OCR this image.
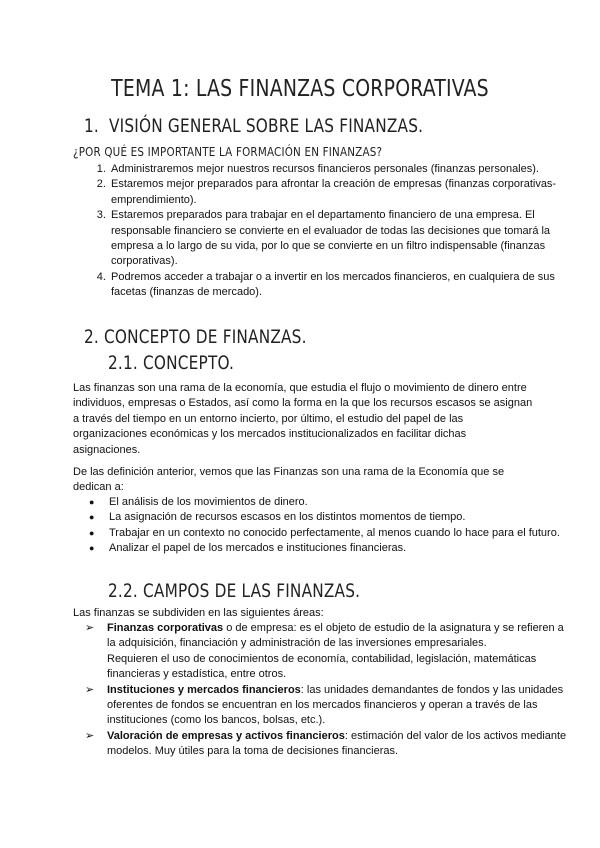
TEMA 1: LAS FINANZAS CORPORATIVAS
1. VISIÓN GENERAL SOBRE LAS FINANZAS.
¿POR QUÉ ES IMPORTANTE LA FORMACIÓN EN FINANZAS?
1. Administraremos mejor nuestros recursos financieros personales (finanzas personales).
2. Estaremos mejor preparados para afrontar la creación de empresas (finanzas corporativas-emprendimiento).
3. Estaremos preparados para trabajar en el departamento financiero de una empresa. El responsable financiero se convierte en el evaluador de todas las decisiones que tomará la empresa a lo largo de su vida, por lo que se convierte en un filtro indispensable (finanzas corporativas).
4. Podremos acceder a trabajar o a invertir en los mercados financieros, en cualquiera de sus facetas (finanzas de mercado).
2. CONCEPTO DE FINANZAS.
2.1. CONCEPTO.

Las finanzas son una rama de la economía, que estudia el flujo o movimiento de dinero entre individuos, empresas o Estados, así como la forma en la que los recursos escasos se asignan a través del tiempo en un entorno incierto, por último, el estudio del papel de las organizaciones económicas y los mercados institucionalizados en facilitar dichas asignaciones.

De las definición anterior, vemos que las Finanzas son una rama de la Economía que se dedican a:

● El análisis de los movimientos de dinero.
● La asignación de recursos escasos en los distintos momentos de tiempo.
● Trabajar en un contexto no conocido perfectamente, al menos cuando lo hace para el futuro.
● Analizar el papel de los mercados e instituciones financieras.
2.2. CAMPOS DE LAS FINANZAS.

Las finanzas se subdividen en las siguientes áreas:

➢ Finanzas corporativas o de empresa: es el objeto de estudio de la asignatura y se refieren a la adquisición, financiación y administración de las inversiones empresariales.
Requieren el uso de conocimientos de economía, contabilidad, legislación, matemáticas financieras y estadística, entre otros.
➢ Instituciones y mercados financieros: las unidades demandantes de fondos y las unidades oferentes de fondos se encuentran en los mercados financieros y operan a través de las instituciones (como los bancos, bolsas, etc.).
➢ Valoración de empresas y activos financieros: estimación del valor de los activos mediante modelos. Muy útiles para la toma de decisiones financieras.
